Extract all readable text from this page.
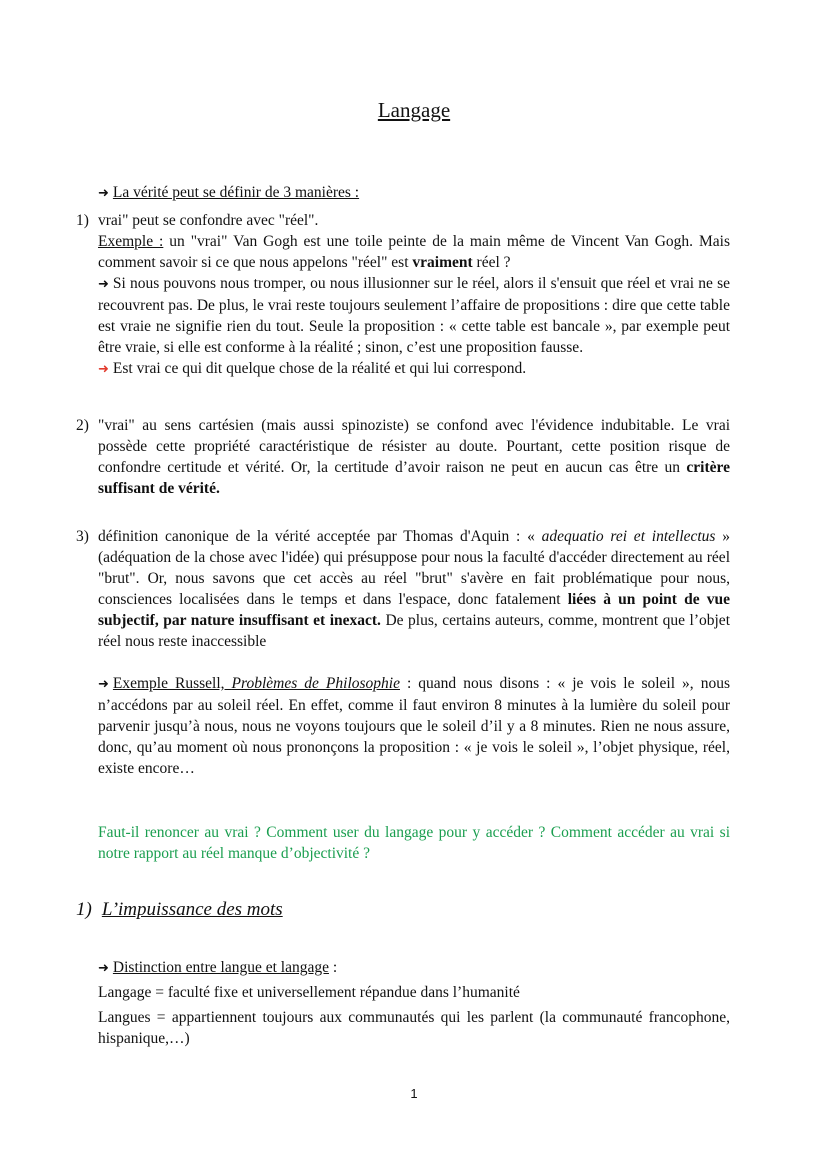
Langage

➜ La vérité peut se définir de 3 manières :

1) vrai" peut se confondre avec "réel".

Exemple : un "vrai" Van Gogh est une toile peinte de la main même de Vincent Van Gogh. Mais comment savoir si ce que nous appelons "réel" est vraiment réel ?

➜ Si nous pouvons nous tromper, ou nous illusionner sur le réel, alors il s'ensuit que réel et vrai ne se recouvrent pas. De plus, le vrai reste toujours seulement l’affaire de propositions : dire que cette table est vraie ne signifie rien du tout. Seule la proposition : « cette table est bancale », par exemple peut être vraie, si elle est conforme à la réalité ; sinon, c’est une proposition fausse.

➜ Est vrai ce qui dit quelque chose de la réalité et qui lui correspond.

2) "vrai" au sens cartésien (mais aussi spinoziste) se confond avec l'évidence indubitable. Le vrai possède cette propriété caractéristique de résister au doute. Pourtant, cette position risque de confondre certitude et vérité. Or, la certitude d’avoir raison ne peut en aucun cas être un critère suffisant de vérité.

3) définition canonique de la vérité acceptée par Thomas d'Aquin : « adequatio rei et intellectus » (adéquation de la chose avec l'idée) qui présuppose pour nous la faculté d'accéder directement au réel "brut". Or, nous savons que cet accès au réel "brut" s'avère en fait problématique pour nous, consciences localisées dans le temps et dans l'espace, donc fatalement liées à un point de vue subjectif, par nature insuffisant et inexact. De plus, certains auteurs, comme, montrent que l’objet réel nous reste inaccessible

➜ Exemple Russell, Problèmes de Philosophie : quand nous disons : « je vois le soleil », nous n’accédons par au soleil réel. En effet, comme il faut environ 8 minutes à la lumière du soleil pour parvenir jusqu’à nous, nous ne voyons toujours que le soleil d’il y a 8 minutes. Rien ne nous assure, donc, qu’au moment où nous prononçons la proposition : « je vois le soleil », l’objet physique, réel, existe encore…

Faut-il renoncer au vrai ? Comment user du langage pour y accéder ? Comment accéder au vrai si notre rapport au réel manque d’objectivité ?

1) L’impuissance des mots

➜ Distinction entre langue et langage :

Langage = faculté fixe et universellement répandue dans l’humanité

Langues = appartiennent toujours aux communautés qui les parlent (la communauté francophone, hispanique,…)

1
